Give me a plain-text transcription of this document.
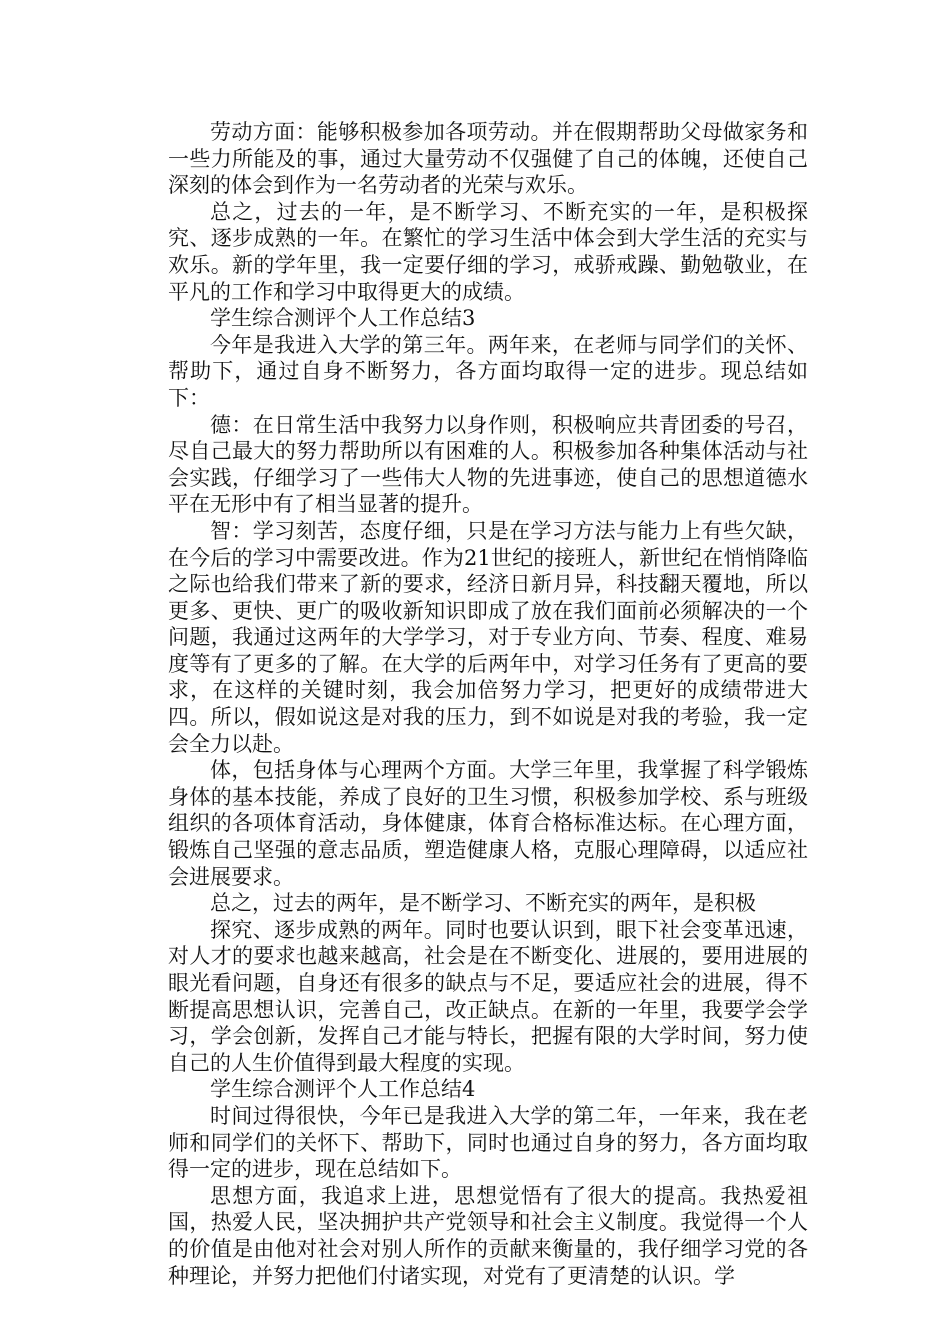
劳动方面：能够积极参加各项劳动。并在假期帮助父母做家务和一些力所能及的事，通过大量劳动不仅强健了自己的体魄，还使自己深刻的体会到作为一名劳动者的光荣与欢乐。

总之，过去的一年，是不断学习、不断充实的一年，是积极探究、逐步成熟的一年。在繁忙的学习生活中体会到大学生活的充实与欢乐。新的学年里，我一定要仔细的学习，戒骄戒躁、勤勉敬业，在平凡的工作和学习中取得更大的成绩。

学生综合测评个人工作总结3

今年是我进入大学的第三年。两年来，在老师与同学们的关怀、帮助下，通过自身不断努力，各方面均取得一定的进步。现总结如下：

德：在日常生活中我努力以身作则，积极响应共青团委的号召，尽自己最大的努力帮助所以有困难的人。积极参加各种集体活动与社会实践，仔细学习了一些伟大人物的先进事迹，使自己的思想道德水平在无形中有了相当显著的提升。

智：学习刻苦，态度仔细，只是在学习方法与能力上有些欠缺，在今后的学习中需要改进。作为21世纪的接班人，新世纪在悄悄降临之际也给我们带来了新的要求，经济日新月异，科技翻天覆地，所以更多、更快、更广的吸收新知识即成了放在我们面前必须解决的一个问题，我通过这两年的大学学习，对于专业方向、节奏、程度、难易度等有了更多的了解。在大学的后两年中，对学习任务有了更高的要求，在这样的关键时刻，我会加倍努力学习，把更好的成绩带进大四。所以，假如说这是对我的压力，到不如说是对我的考验，我一定会全力以赴。

体，包括身体与心理两个方面。大学三年里，我掌握了科学锻炼身体的基本技能，养成了良好的卫生习惯，积极参加学校、系与班级组织的各项体育活动，身体健康，体育合格标准达标。在心理方面，锻炼自己坚强的意志品质，塑造健康人格，克服心理障碍，以适应社会进展要求。

总之，过去的两年，是不断学习、不断充实的两年，是积极

探究、逐步成熟的两年。同时也要认识到，眼下社会变革迅速，对人才的要求也越来越高，社会是在不断变化、进展的，要用进展的眼光看问题，自身还有很多的缺点与不足，要适应社会的进展，得不断提高思想认识，完善自己，改正缺点。在新的一年里，我要学会学习，学会创新，发挥自己才能与特长，把握有限的大学时间，努力使自己的人生价值得到最大程度的实现。

学生综合测评个人工作总结4

时间过得很快，今年已是我进入大学的第二年，一年来，我在老师和同学们的关怀下、帮助下，同时也通过自身的努力，各方面均取得一定的进步，现在总结如下。

思想方面，我追求上进，思想觉悟有了很大的提高。我热爱祖国，热爱人民，坚决拥护共产党领导和社会主义制度。我觉得一个人的价值是由他对社会对别人所作的贡献来衡量的，我仔细学习党的各种理论，并努力把他们付诸实现，对党有了更清楚的认识。学
